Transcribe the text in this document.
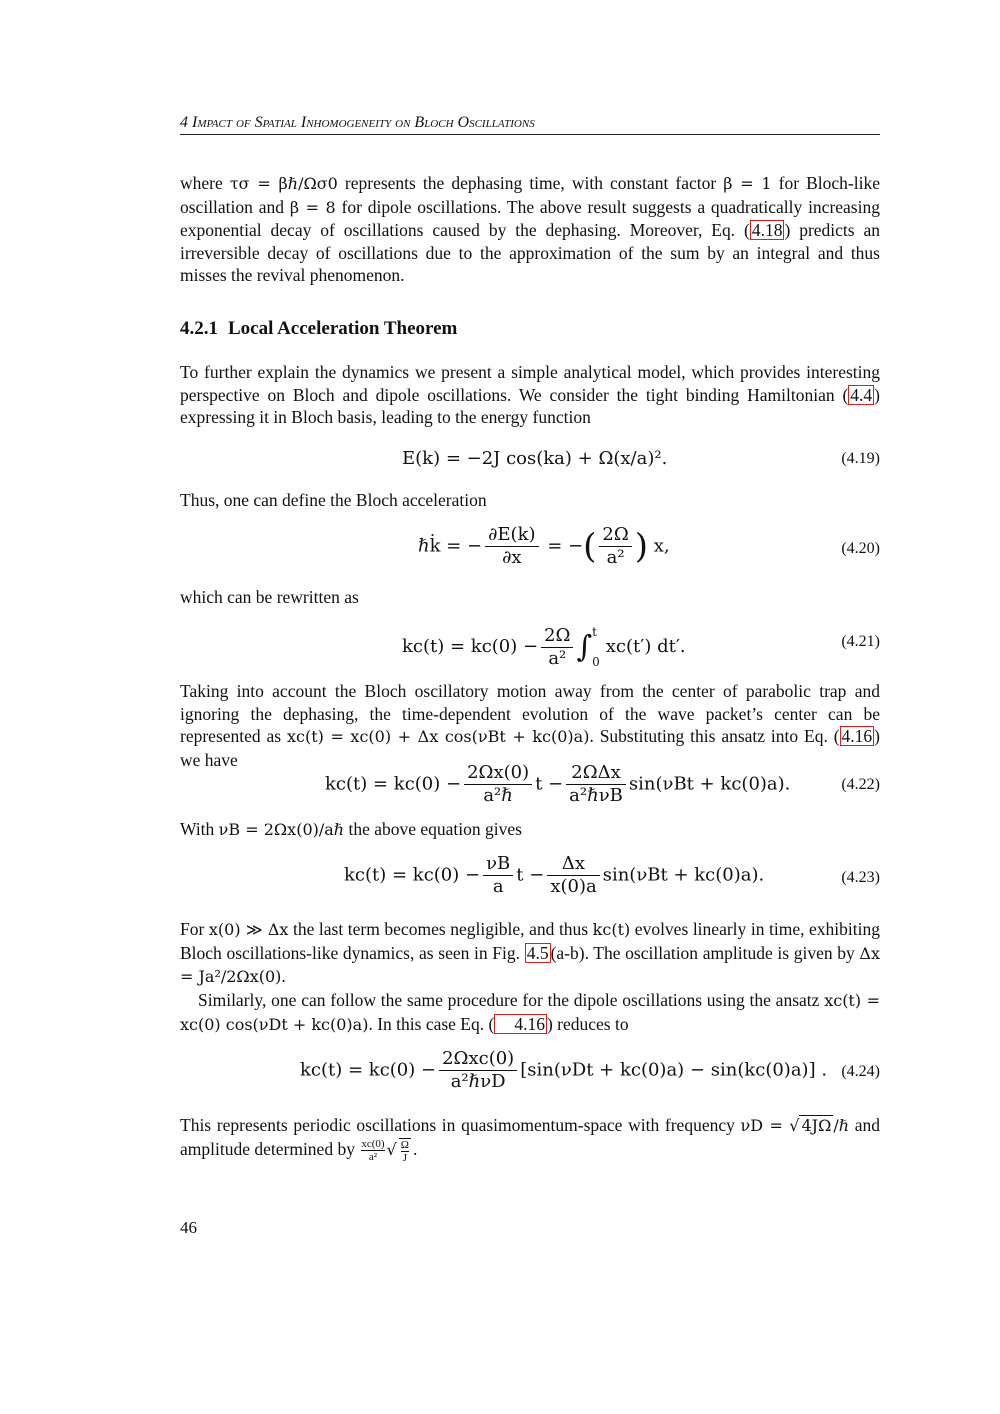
4 Impact of Spatial Inhomogeneity on Bloch Oscillations
where τσ = βℏ/Ωσ0 represents the dephasing time, with constant factor β = 1 for Bloch-like oscillation and β = 8 for dipole oscillations. The above result suggests a quadratically increasing exponential decay of oscillations caused by the dephasing. Moreover, Eq. ( 4.18 ) predicts an irreversible decay of oscillations due to the approximation of the sum by an integral and thus misses the revival phenomenon.
4.2.1 Local Acceleration Theorem
To further explain the dynamics we present a simple analytical model, which provides interesting perspective on Bloch and dipole oscillations. We consider the tight binding Hamiltonian ( 4.4 ) expressing it in Bloch basis, leading to the energy function
E(k) = −2J cos(ka) + Ω(x/a)².	(4.19)
Thus, one can define the Bloch acceleration
ℏk̇ = − $\frac{\partial E(k)}{\partial x}$ = −( $\frac{2\Omega}{\text{a²}}$ ) x,	(4.20)
which can be rewritten as
$kc(t) = kc(0) - \frac{2\Omega}{\text{a²}}$ ∫ t
0
xc(t′) dt′.	(4.21)
Taking into account the Bloch oscillatory motion away from the center of parabolic trap and ignoring the dephasing, the time-dependent evolution of the wave packet’s center can be represented as xc(t) = xc(0) + Δx cos(νBt + kc(0)a). Substituting this ansatz into Eq. ( 4.16 ) we have
$kc(t) = kc(0) - \frac{2\Omega x(0)}{\text{a²ℏ}}$ $t - \frac{\text{2ΩΔx}}{\text{a²ℏνB}} \sin(\nu Bt + kc(0)a)$.	(4.22)
With νB = 2Ωx(0)/aℏ the above equation gives
$kc(t) = kc(0) - \frac{\nu B}{a}$ $t - \frac{\Delta x}{x(0)a} \sin(\nu Bt + kc(0)a)$.	(4.23)
For x(0) ≫ Δx the last term becomes negligible, and thus kc(t) evolves linearly in time, exhibiting Bloch oscillations-like dynamics, as seen in Fig. 4.5 (a-b). The oscillation amplitude is given by Δx = Ja²/2Ωx(0).
Similarly, one can follow the same procedure for the dipole oscillations using the ansatz xc(t) = xc(0) cos(νDt + kc(0)a). In this case Eq. ( 4.16 ) reduces to
$kc(t) = kc(0) - \frac{\text{2Ωxc(0)}}{\text{a²ℏνD}} [\sin(\nu Dt + kc(0)a) - \sin(kc(0)a)]$ . (4.24)
This represents periodic oscillations in quasimomentum-space with frequency νD = √ 4JΩ /ℏ and amplitude determined by $\frac{xc(0)}{\text{a²}}$ √ $\frac{\Omega}{J}$ .
46
